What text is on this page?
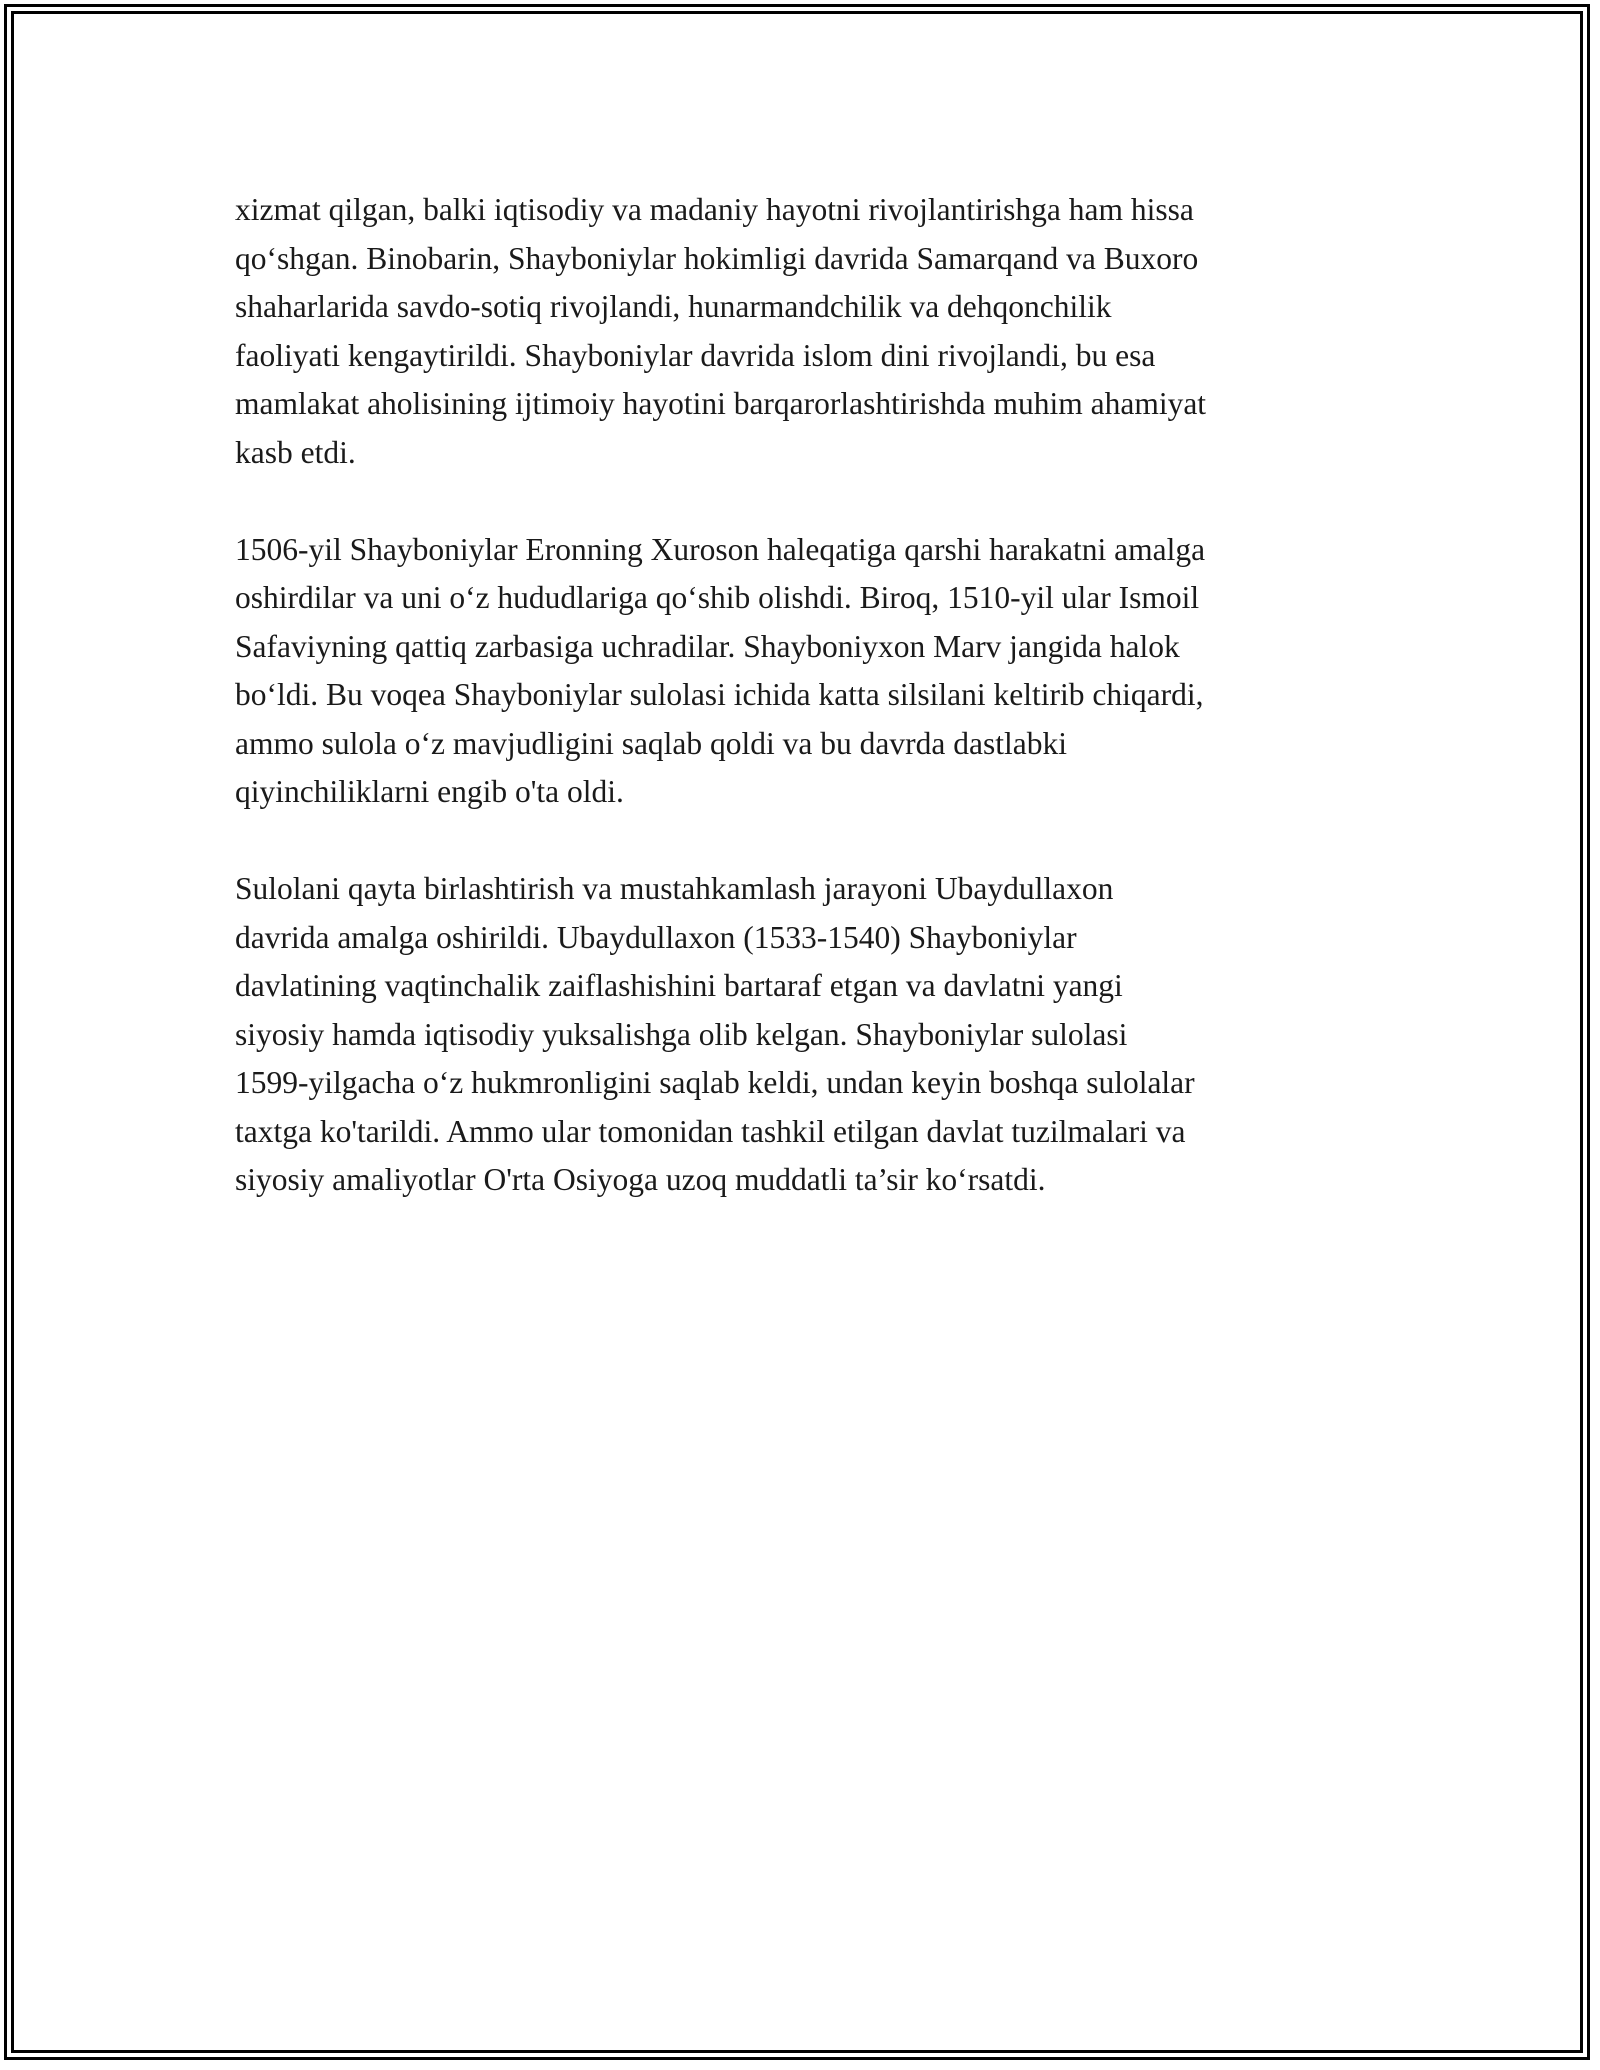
xizmat qilgan, balki iqtisodiy va madaniy hayotni rivojlantirishga ham hissa
qo‘shgan. Binobarin, Shayboniylar hokimligi davrida Samarqand va Buxoro
shaharlarida savdo-sotiq rivojlandi, hunarmandchilik va dehqonchilik
faoliyati kengaytirildi. Shayboniylar davrida islom dini rivojlandi, bu esa
mamlakat aholisining ijtimoiy hayotini barqarorlashtirishda muhim ahamiyat
kasb etdi.

1506-yil Shayboniylar Eronning Xuroson haleqatiga qarshi harakatni amalga
oshirdilar va uni o‘z hududlariga qo‘shib olishdi. Biroq, 1510-yil ular Ismoil
Safaviyning qattiq zarbasiga uchradilar. Shayboniyxon Marv jangida halok
bo‘ldi. Bu voqea Shayboniylar sulolasi ichida katta silsilani keltirib chiqardi,
ammo sulola o‘z mavjudligini saqlab qoldi va bu davrda dastlabki
qiyinchiliklarni engib o'ta oldi.

Sulolani qayta birlashtirish va mustahkamlash jarayoni Ubaydullaxon
davrida amalga oshirildi. Ubaydullaxon (1533-1540) Shayboniylar
davlatining vaqtinchalik zaiflashishini bartaraf etgan va davlatni yangi
siyosiy hamda iqtisodiy yuksalishga olib kelgan. Shayboniylar sulolasi
1599-yilgacha o‘z hukmronligini saqlab keldi, undan keyin boshqa sulolalar
taxtga ko'tarildi. Ammo ular tomonidan tashkil etilgan davlat tuzilmalari va
siyosiy amaliyotlar O'rta Osiyoga uzoq muddatli ta’sir ko‘rsatdi.
